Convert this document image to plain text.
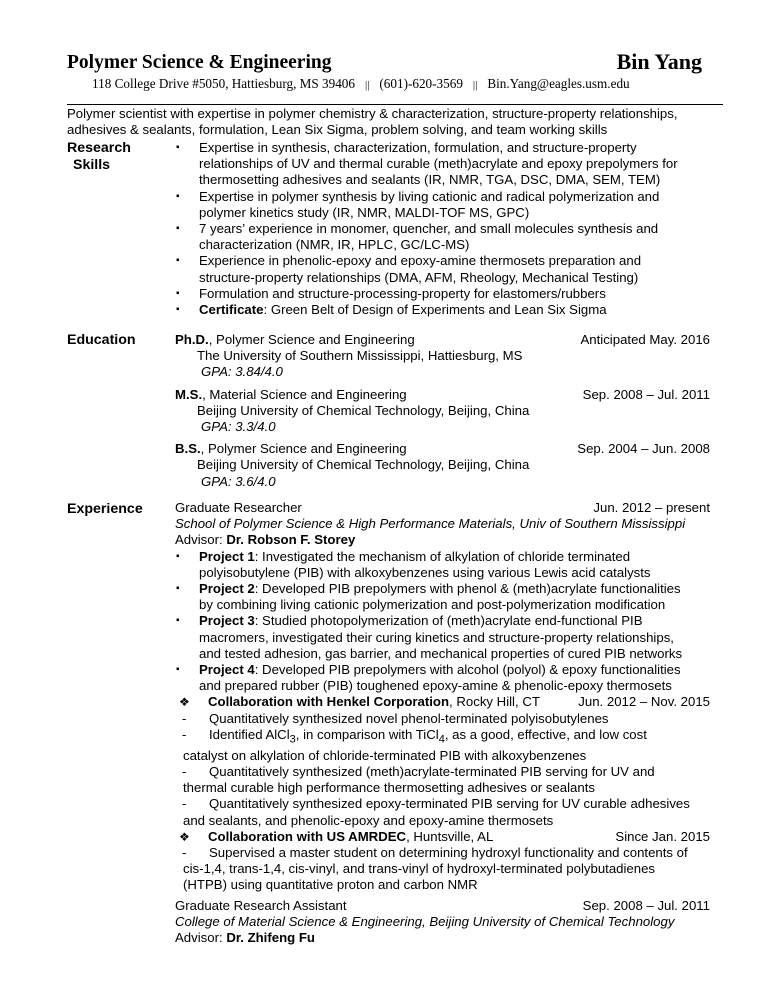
Polymer Science & Engineering	Bin Yang
118 College Drive #5050, Hattiesburg, MS 39406 || (601)-620-3569 || Bin.Yang@eagles.usm.edu
Polymer scientist with expertise in polymer chemistry & characterization, structure-property relationships,
adhesives & sealants, formulation, Lean Six Sigma, problem solving, and team working skills
Research
Skills
▪ Expertise in synthesis, characterization, formulation, and structure-property
relationships of UV and thermal curable (meth)acrylate and epoxy prepolymers for
thermosetting adhesives and sealants (IR, NMR, TGA, DSC, DMA, SEM, TEM)
▪ Expertise in polymer synthesis by living cationic and radical polymerization and
polymer kinetics study (IR, NMR, MALDI-TOF MS, GPC)
▪ 7 years’ experience in monomer, quencher, and small molecules synthesis and
characterization (NMR, IR, HPLC, GC/LC-MS)
▪ Experience in phenolic-epoxy and epoxy-amine thermosets preparation and
structure-property relationships (DMA, AFM, Rheology, Mechanical Testing)
▪ Formulation and structure-processing-property for elastomers/rubbers
▪ Certificate: Green Belt of Design of Experiments and Lean Six Sigma
Education	Ph.D., Polymer Science and Engineering	Anticipated May. 2016
The University of Southern Mississippi, Hattiesburg, MS
GPA: 3.84/4.0
M.S., Material Science and Engineering	Sep. 2008 – Jul. 2011
Beijing University of Chemical Technology, Beijing, China
GPA: 3.3/4.0
B.S., Polymer Science and Engineering	Sep. 2004 – Jun. 2008
Beijing University of Chemical Technology, Beijing, China
GPA: 3.6/4.0
Experience Graduate Researcher	Jun. 2012 – present
School of Polymer Science & High Performance Materials, Univ of Southern Mississippi
Advisor: Dr. Robson F. Storey
▪ Project 1: Investigated the mechanism of alkylation of chloride terminated
polyisobutylene (PIB) with alkoxybenzenes using various Lewis acid catalysts
▪ Project 2: Developed PIB prepolymers with phenol & (meth)acrylate functionalities
by combining living cationic polymerization and post-polymerization modification
▪ Project 3: Studied photopolymerization of (meth)acrylate end-functional PIB
macromers, investigated their curing kinetics and structure-property relationships,
and tested adhesion, gas barrier, and mechanical properties of cured PIB networks
▪ Project 4: Developed PIB prepolymers with alcohol (polyol) & epoxy functionalities
and prepared rubber (PIB) toughened epoxy-amine & phenolic-epoxy thermosets
❖ Collaboration with Henkel Corporation, Rocky Hill, CT	Jun. 2012 – Nov. 2015
-	Quantitatively synthesized novel phenol-terminated polyisobutylenes
-	Identified AlCl$_3$, in comparison with TiCl$_4$, as a good, effective, and low cost
catalyst on alkylation of chloride-terminated PIB with alkoxybenzenes
-	Quantitatively synthesized (meth)acrylate-terminated PIB serving for UV and
thermal curable high performance thermosetting adhesives or sealants
-	Quantitatively synthesized epoxy-terminated PIB serving for UV curable adhesives
and sealants, and phenolic-epoxy and epoxy-amine thermosets
❖ Collaboration with US AMRDEC, Huntsville, AL	Since Jan. 2015
-	Supervised a master student on determining hydroxyl functionality and contents of
cis-1,4, trans-1,4, cis-vinyl, and trans-vinyl of hydroxyl-terminated polybutadienes
(HTPB) using quantitative proton and carbon NMR
Graduate Research Assistant	Sep. 2008 – Jul. 2011
College of Material Science & Engineering, Beijing University of Chemical Technology
Advisor: Dr. Zhifeng Fu
